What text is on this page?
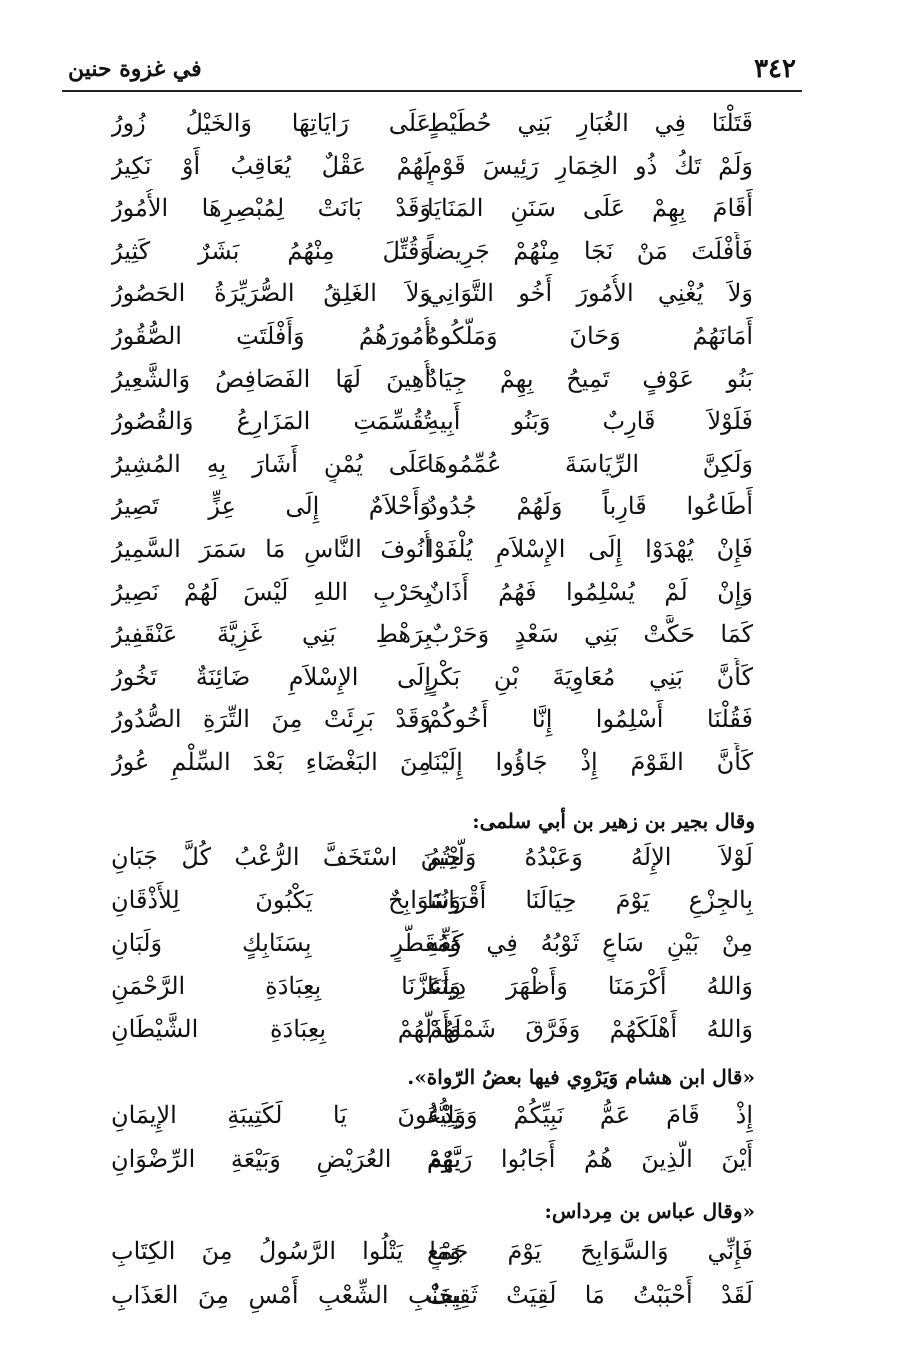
٣٤٢
في غزوة حنين
وقال بجير بن زهير بن أبي سلمى:
«قال ابن هشام وَيَرْوِي فيها بعضُ الرّواة».
«وقال عباس بن مِرداس:
قَتَلْنَا فِي الغُبَارِ بَنِي حُطَيْطٍ
عَلَى رَايَاتِهَا وَالخَيْلُ زُورُ
وَلَمْ تَكُ ذُو الخِمَارِ رَئِيسَ قَوْمٍ
لَهُمْ عَقْلٌ يُعَاقِبُ أَوْ نَكِيرُ
أَقَامَ بِهِمْ عَلَى سَنَنِ المَنَايَا
وَقَدْ بَانَتْ لِمُبْصِرِهَا الأُمُورُ
فَأَفْلَتَ مَنْ نَجَا مِنْهُمْ جَرِيضاً
وَقُتِّلَ مِنْهُمُ بَشَرٌ كَثِيرُ
وَلاَ يُغْنِي الأُمُورَ أَخُو التَّوَانِي
وَلاَ الغَلِقُ الصُّرَيِّرَةُ الحَصُورُ
أَمَانَهُمُ وَحَانَ وَمَلَّكُوهُ
أُمُورَهُمُ وَأَفْلَتَتِ الصُّقُورُ
بَنُو عَوْفٍ تَمِيحُ بِهِمْ جِيَادٌ
أُهِينَ لَهَا الفَصَافِصُ وَالشَّعِيرُ
فَلَوْلاَ قَارِبٌ وَبَنُو أَبِيهِ
تُقُسِّمَتِ المَزَارِعُ وَالقُصُورُ
وَلَكِنَّ الرِّيَاسَةَ عُمِّمُوهَا
عَلَى يُمْنٍ أَشَارَ بِهِ المُشِيرُ
أَطَاعُوا قَارِباً وَلَهُمْ جُدُودٌ
وَأَحْلاَمٌ إِلَى عِزٍّ تَصِيرُ
فَإِنْ يُهْدَوْا إِلَى الإِسْلاَمِ يُلْفَوْا
أُنُوفَ النَّاسِ مَا سَمَرَ السَّمِيرُ
وَإِنْ لَمْ يُسْلِمُوا فَهُمُ أَذَانٌ
بِحَرْبِ اللهِ لَيْسَ لَهُمْ نَصِيرُ
كَمَا حَكَّتْ بَنِي سَعْدٍ وَحَرْبٌ
بِرَهْطِ بَنِي غَزِيَّةَ عَنْقَفِيرُ
كَأَنَّ بَنِي مُعَاوِيَةَ بْنِ بَكْرٍ
إِلَى الإِسْلاَمِ ضَائِنَةٌ تَخُورُ
فَقُلْنَا أَسْلِمُوا إِنَّا أَخُوكُمْ
وَقَدْ بَرِئَتْ مِنَ التِّرَةِ الصُّدُورُ
كَأَنَّ القَوْمَ إِذْ جَاؤُوا إِلَيْنَا
مِنَ البَغْضَاءِ بَعْدَ السِّلْمِ عُورُ
لَوْلاَ الإِلَهُ وَعَبْدُهُ وَلَّيْتُمُ
حِينَ اسْتَخَفَّ الرُّعْبُ كُلَّ جَبَانِ
بِالجِزْعِ يَوْمَ حِيَالَنَا أَقْرَانُنَا
وَسَوَابِحٌ يَكْبُونَ لِلأَذْقَانِ
مِنْ بَيْنِ سَاعٍ ثَوْبُهُ فِي كَفِّهِ
وَمُقَطَّرٍ بِسَنَابِكٍ وَلَبَانِ
وَاللهُ أَكْرَمَنَا وَأَظْهَرَ دِينَنَا
وَأَعَزَّنَا بِعِبَادَةِ الرَّحْمَنِ
وَاللهُ أَهْلَكَهُمْ وَفَرَّقَ شَمْلَهُمْ
وَأَذَلَّهُمْ بِعِبَادَةِ الشَّيْطَانِ
إِذْ قَامَ عَمُّ نَبِيِّكُمْ وَوَلِيُّهُ
يَدْعُونَ يَا لَكَتِيبَةِ الإِيمَانِ
أَيْنَ الَّذِينَ هُمُ أَجَابُوا رَبَّهُمْ
يَوْمَ العُرَيْضِ وَبَيْعَةِ الرِّضْوَانِ
فَإِنِّي وَالسَّوَابِحَ يَوْمَ جَمْعٍ
وَمَا يَتْلُوا الرَّسُولُ مِنَ الكِتَابِ
لَقَدْ أَحْبَبْتُ مَا لَقِيَتْ ثَقِيفٌ
بِجَنْبِ الشِّعْبِ أَمْسِ مِنَ العَذَابِ
